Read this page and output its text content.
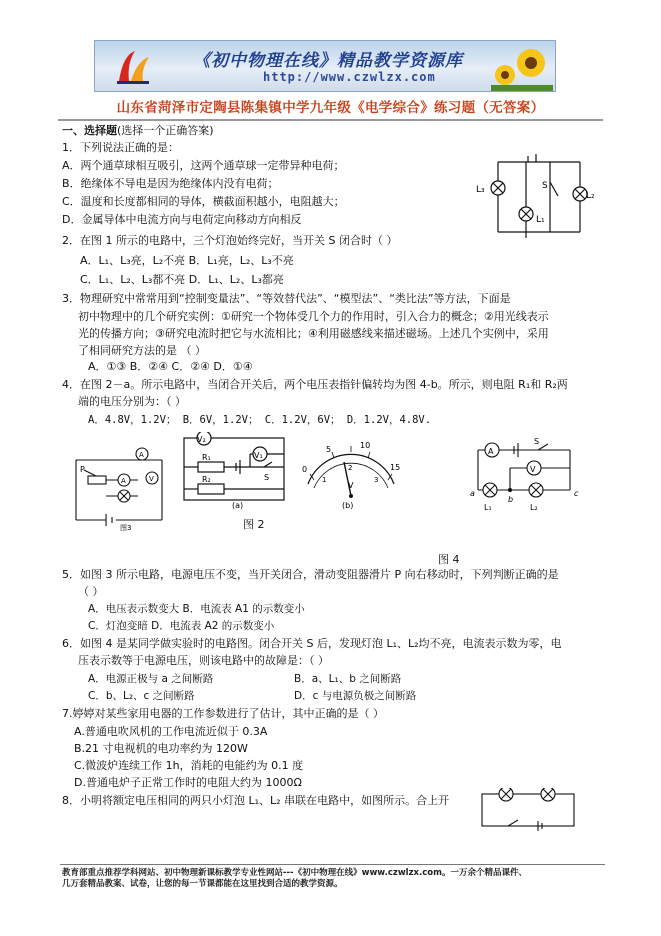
《初中物理在线》精品教学资源库
http://www.czwlzx.com
山东省菏泽市定陶县陈集镇中学九年级《电学综合》练习题（无答案）
一、选择题(选择一个正确答案)
1．下列说法正确的是：
A．两个通草球相互吸引，这两个通草球一定带异种电荷；
B．绝缘体不导电是因为绝缘体内没有电荷；
C．温度和长度都相同的导体，横截面积越小，电阻越大；
D．金属导体中电流方向与电荷定向移动方向相反
L₃
L₁
L₂
S
2．在图 1 所示的电路中，三个灯泡始终完好，当开关 S 闭合时（ ）
A．L₁、L₃亮，L₂不亮 B．L₁亮，L₂、L₃不亮
C．L₁、L₂、L₃都不亮 D．L₁、L₂、L₃都亮
3．物理研究中常常用到“控制变量法”、“等效替代法”、“模型法”、“类比法”等方法，下面是
初中物理中的几个研究实例：①研究一个物体受几个力的作用时，引入合力的概念；②用光线表示
光的传播方向；③研究电流时把它与水流相比；④利用磁感线来描述磁场。上述几个实例中，采用
了相同研究方法的是 （ ）
A．①③ B．②④ C．②④ D．①④
4．在图 2－a。所示电路中，当闭合开关后，两个电压表指针偏转均为图 4-b。所示，则电阻 R₁和 R₂两
端的电压分别为：（ ）
A．4.8V，1.2V； B．6V，1.2V； C．1.2V，6V； D．1.2V，4.8V.
P
A
A	V
图3
V₂
V₁
R₁
R₂	S
(a)
0
5	10
15
1
2
3
V
(b)
图 2
A
S
V
a
b
c
L₁	L₂
图 4
5．如图 3 所示电路，电源电压不变，当开关闭合，滑动变阻器滑片 P 向右移动时，下列判断正确的是
（ ）
A．电压表示数变大 B．电流表 A1 的示数变小
C．灯泡变暗 D．电流表 A2 的示数变小
6．如图 4 是某同学做实验时的电路图。闭合开关 S 后，发现灯泡 L₁、L₂均不亮，电流表示数为零，电
压表示数等于电源电压，则该电路中的故障是：（ ）
A．电源正极与 a 之间断路	B．a、L₁、b 之间断路
C．b、L₂、c 之间断路	D．c 与电源负极之间断路
7.婷婷对某些家用电器的工作参数进行了估计，其中正确的是（ ）
A.普通电吹风机的工作电流近似于 0.3A
B.21 寸电视机的电功率约为 120W
C.微波炉连续工作 1h，消耗的电能约为 0.1 度
D.普通电炉子正常工作时的电阻大约为 1000Ω
8．小明将额定电压相同的两只小灯泡 L₁、L₂ 串联在电路中，如图所示。合上开
教育部重点推荐学科网站、初中物理新课标教学专业性网站---《初中物理在线》www.czwlzx.com。一万余个精品课件、
几万套精品教案、试卷，让您的每一节课都能在这里找到合适的教学资源。
